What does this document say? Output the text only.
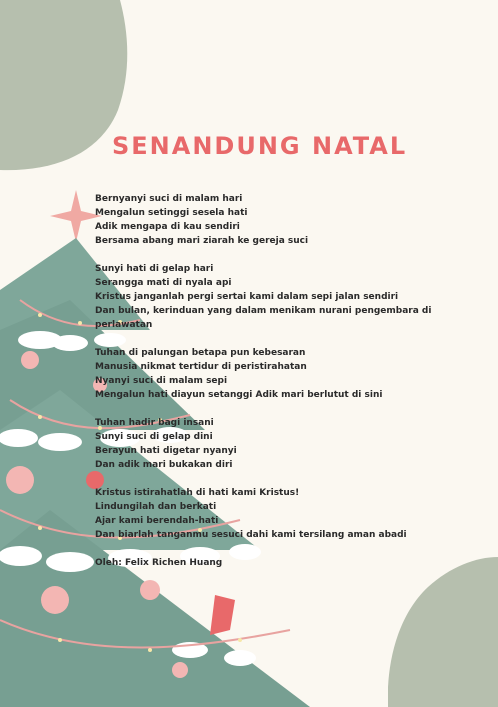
SENANDUNG NATAL
Bernyanyi suci di malam hari
Mengalun setinggi sesela hati
Adik mengapa di kau sendiri
Bersama abang mari ziarah ke gereja suci
Sunyi hati di gelap hari
Serangga mati di nyala api
Kristus janganlah pergi sertai kami dalam sepi jalan sendiri
Dan bulan, kerinduan yang dalam menikam nurani pengembara di perlawatan
Tuhan di palungan betapa pun kebesaran
Manusia nikmat tertidur di peristirahatan
Nyanyi suci di malam sepi
Mengalun hati diayun setanggi Adik mari berlutut di sini
Tuhan hadir bagi insani
Sunyi suci di gelap dini
Berayun hati digetar nyanyi
Dan adik mari bukakan diri
Kristus istirahatlah di hati kami Kristus!
Lindungilah dan berkati
Ajar kami berendah-hati
Dan biarlah tanganmu sesuci dahi kami tersilang aman abadi
Oleh: Felix Richen Huang
